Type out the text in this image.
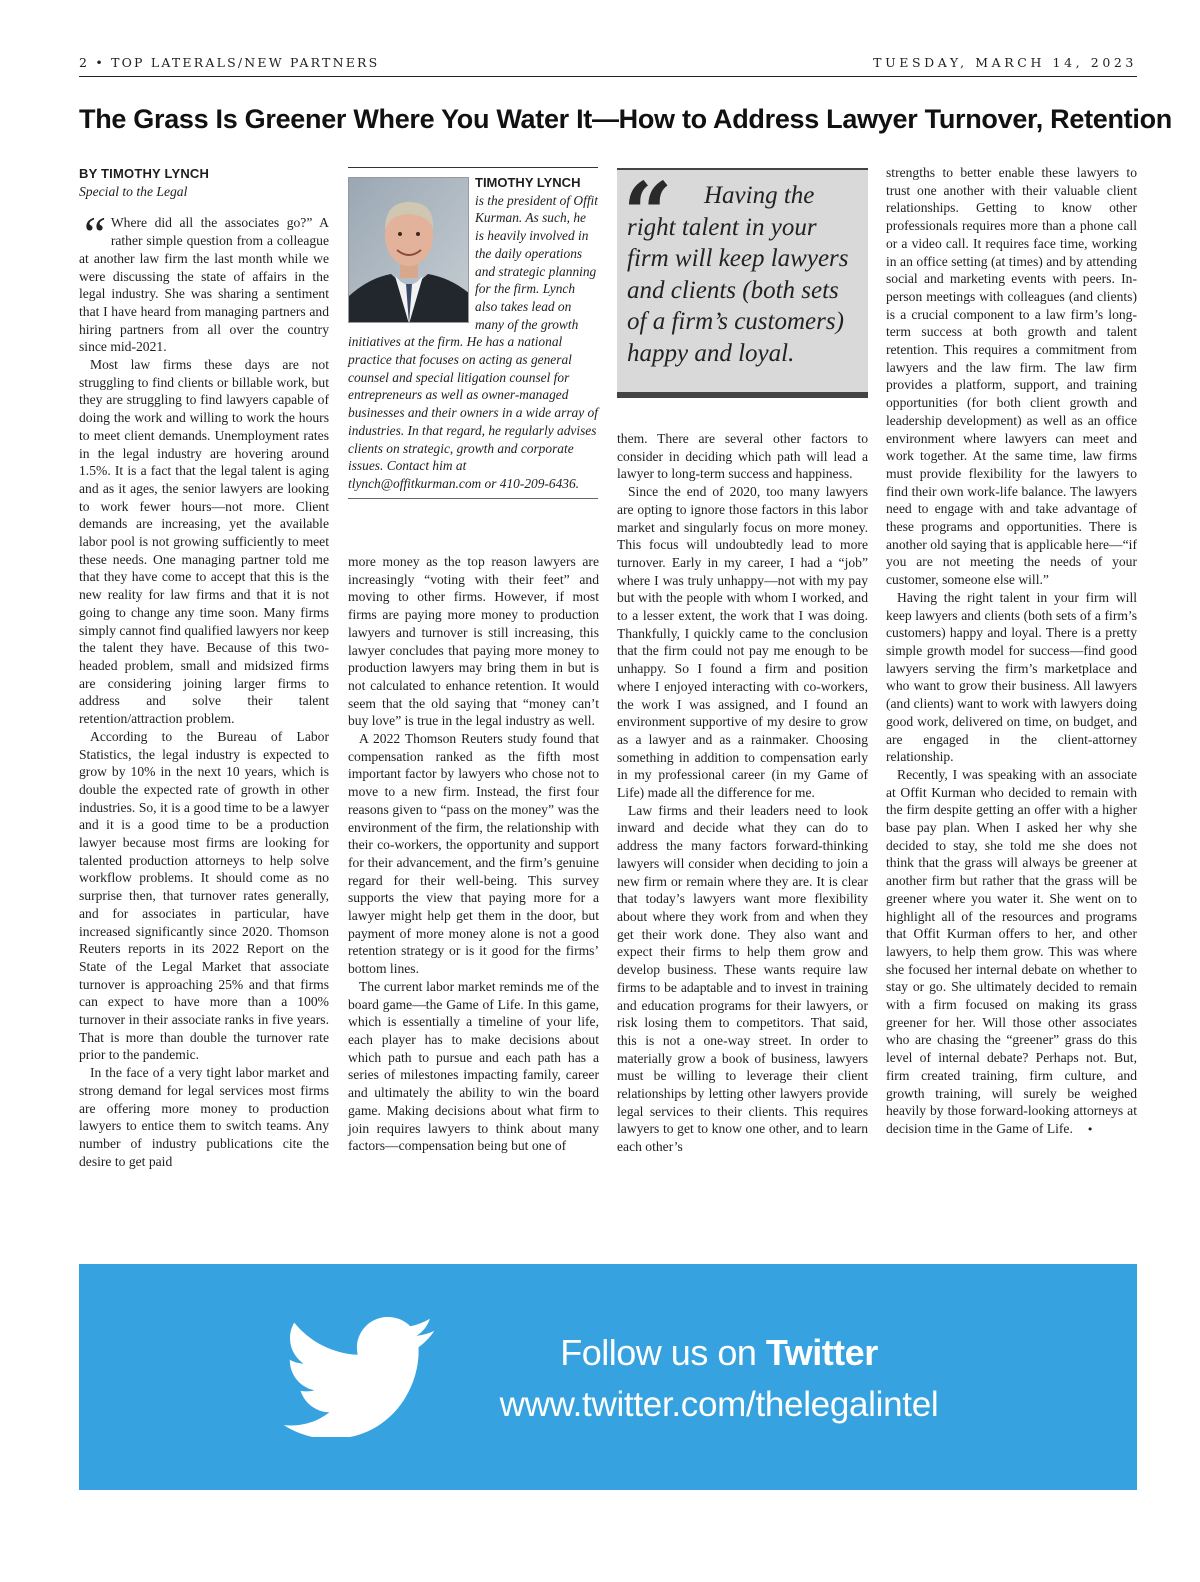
2 • TOP LATERALS/NEW PARTNERS	TUESDAY, MARCH 14, 2023
The Grass Is Greener Where You Water It—How to Address Lawyer Turnover, Retention
BY TIMOTHY LYNCH
Special to the Legal

“ Where did all the associates go?” A rather simple question from a colleague at another law firm the last month while we were discussing the state of affairs in the legal industry. She was sharing a sentiment that I have heard from managing partners and hiring partners from all over the country since mid-2021.

Most law firms these days are not struggling to find clients or billable work, but they are struggling to find lawyers capable of doing the work and willing to work the hours to meet client demands. Unemployment rates in the legal industry are hovering around 1.5%. It is a fact that the legal talent is aging and as it ages, the senior lawyers are looking to work fewer hours—not more. Client demands are increasing, yet the available labor pool is not growing sufficiently to meet these needs. One managing partner told me that they have come to accept that this is the new reality for law firms and that it is not going to change any time soon. Many firms simply cannot find qualified lawyers nor keep the talent they have. Because of this two-headed problem, small and midsized firms are considering joining larger firms to address and solve their talent retention/attraction problem.

According to the Bureau of Labor Statistics, the legal industry is expected to grow by 10% in the next 10 years, which is double the expected rate of growth in other industries. So, it is a good time to be a lawyer and it is a good time to be a production lawyer because most firms are looking for talented production attorneys to help solve workflow problems. It should come as no surprise then, that turnover rates generally, and for associates in particular, have increased significantly since 2020. Thomson Reuters reports in its 2022 Report on the State of the Legal Market that associate turnover is approaching 25% and that firms can expect to have more than a 100% turnover in their associate ranks in five years. That is more than double the turnover rate prior to the pandemic.

In the face of a very tight labor market and strong demand for legal services most firms are offering more money to production lawyers to entice them to switch teams. Any number of industry publications cite the desire to get paid

TIMOTHY LYNCH
is the president of Offit Kurman. As such, he is heavily involved in the daily operations and strategic planning for the firm. Lynch also takes lead on many of the growth initiatives at the firm. He has a national practice that focuses on acting as general counsel and special litigation counsel for entrepreneurs as well as owner-managed businesses and their owners in a wide array of industries. In that regard, he regularly advises clients on strategic, growth and corporate issues. Contact him at tlynch@offitkurman.com or 410-209-6436.

more money as the top reason lawyers are increasingly “voting with their feet” and moving to other firms. However, if most firms are paying more money to production lawyers and turnover is still increasing, this lawyer concludes that paying more money to production lawyers may bring them in but is not calculated to enhance retention. It would seem that the old saying that “money can’t buy love” is true in the legal industry as well.

A 2022 Thomson Reuters study found that compensation ranked as the fifth most important factor by lawyers who chose not to move to a new firm. Instead, the first four reasons given to “pass on the money” was the environment of the firm, the relationship with their co-workers, the opportunity and support for their advancement, and the firm’s genuine regard for their well-being. This survey supports the view that paying more for a lawyer might help get them in the door, but payment of more money alone is not a good retention strategy or is it good for the firms’ bottom lines.

The current labor market reminds me of the board game—the Game of Life. In this game, which is essentially a timeline of your life, each player has to make decisions about which path to pursue and each path has a series of milestones impacting family, career and ultimately the ability to win the board game. Making decisions about what firm to join requires lawyers to think about many factors—compensation being but one of

“	Having the right talent in your firm will keep lawyers and clients (both sets of a firm’s customers) happy and loyal.

them. There are several other factors to consider in deciding which path will lead a lawyer to long-term success and happiness.

Since the end of 2020, too many lawyers are opting to ignore those factors in this labor market and singularly focus on more money. This focus will undoubtedly lead to more turnover. Early in my career, I had a “job” where I was truly unhappy—not with my pay but with the people with whom I worked, and to a lesser extent, the work that I was doing. Thankfully, I quickly came to the conclusion that the firm could not pay me enough to be unhappy. So I found a firm and position where I enjoyed interacting with co-workers, the work I was assigned, and I found an environment supportive of my desire to grow as a lawyer and as a rainmaker. Choosing something in addition to compensation early in my professional career (in my Game of Life) made all the difference for me.

Law firms and their leaders need to look inward and decide what they can do to address the many factors forward-thinking lawyers will consider when deciding to join a new firm or remain where they are. It is clear that today’s lawyers want more flexibility about where they work from and when they get their work done. They also want and expect their firms to help them grow and develop business. These wants require law firms to be adaptable and to invest in training and education programs for their lawyers, or risk losing them to competitors. That said, this is not a one-way street. In order to materially grow a book of business, lawyers must be willing to leverage their client relationships by letting other lawyers provide legal services to their clients. This requires lawyers to get to know one other, and to learn each other’s

strengths to better enable these lawyers to trust one another with their valuable client relationships. Getting to know other professionals requires more than a phone call or a video call. It requires face time, working in an office setting (at times) and by attending social and marketing events with peers. In-person meetings with colleagues (and clients) is a crucial component to a law firm’s long-term success at both growth and talent retention. This requires a commitment from lawyers and the law firm. The law firm provides a platform, support, and training opportunities (for both client growth and leadership development) as well as an office environment where lawyers can meet and work together. At the same time, law firms must provide flexibility for the lawyers to find their own work-life balance. The lawyers need to engage with and take advantage of these programs and opportunities. There is another old saying that is applicable here—“if you are not meeting the needs of your customer, someone else will.”

Having the right talent in your firm will keep lawyers and clients (both sets of a firm’s customers) happy and loyal. There is a pretty simple growth model for success—find good lawyers serving the firm’s marketplace and who want to grow their business. All lawyers (and clients) want to work with lawyers doing good work, delivered on time, on budget, and are engaged in the client-attorney relationship.

Recently, I was speaking with an associate at Offit Kurman who decided to remain with the firm despite getting an offer with a higher base pay plan. When I asked her why she decided to stay, she told me she does not think that the grass will always be greener at another firm but rather that the grass will be greener where you water it. She went on to highlight all of the resources and programs that Offit Kurman offers to her, and other lawyers, to help them grow. This was where she focused her internal debate on whether to stay or go. She ultimately decided to remain with a firm focused on making its grass greener for her. Will those other associates who are chasing the “greener” grass do this level of internal debate? Perhaps not. But, firm created training, firm culture, and growth training, will surely be weighed heavily by those forward-looking attorneys at decision time in the Game of Life. •

Follow us on Twitter
www.twitter.com/thelegalintel
